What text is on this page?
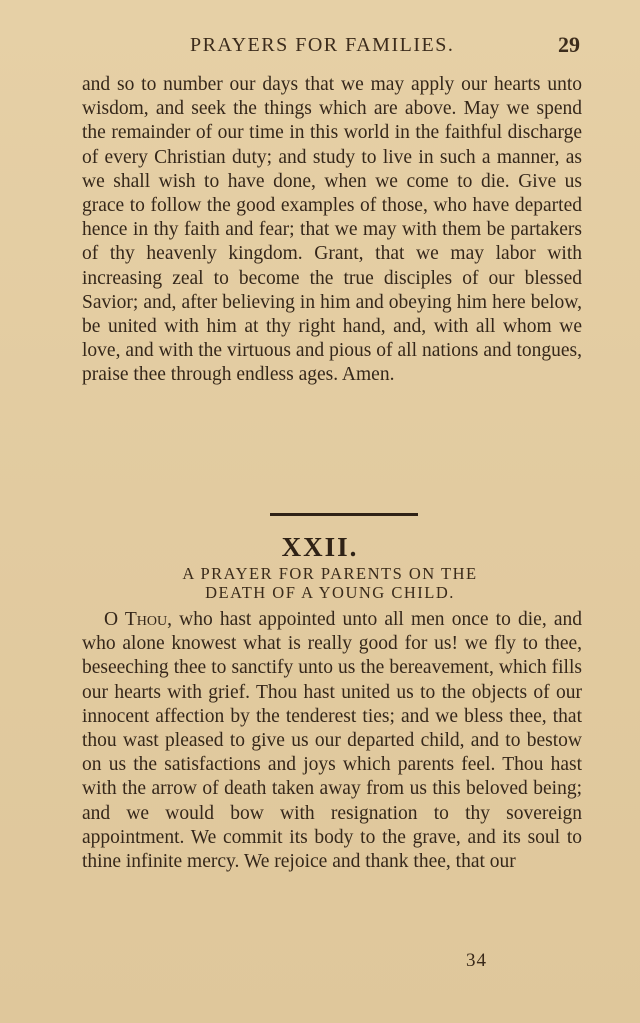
PRAYERS FOR FAMILIES.	29

and so to number our days that we may apply our hearts unto wisdom, and seek the things which are above. May we spend the remainder of our time in this world in the faithful discharge of every Christian duty; and study to live in such a manner, as we shall wish to have done, when we come to die. Give us grace to follow the good examples of those, who have departed hence in thy faith and fear; that we may with them be partakers of thy heavenly kingdom. Grant, that we may labor with increasing zeal to become the true disciples of our blessed Savior; and, after believing in him and obeying him here below, be united with him at thy right hand, and, with all whom we love, and with the virtuous and pious of all nations and tongues, praise thee through endless ages. Amen.

XXII.
A PRAYER FOR PARENTS ON THE
DEATH OF A YOUNG CHILD.

O Thou, who hast appointed unto all men once to die, and who alone knowest what is really good for us! we fly to thee, beseeching thee to sanctify unto us the bereavement, which fills our hearts with grief. Thou hast united us to the objects of our innocent affection by the tenderest ties; and we bless thee, that thou wast pleased to give us our departed child, and to bestow on us the satisfactions and joys which parents feel. Thou hast with the arrow of death taken away from us this beloved being; and we would bow with resignation to thy sovereign appointment. We commit its body to the grave, and its soul to thine infinite mercy. We rejoice and thank thee, that our

34
